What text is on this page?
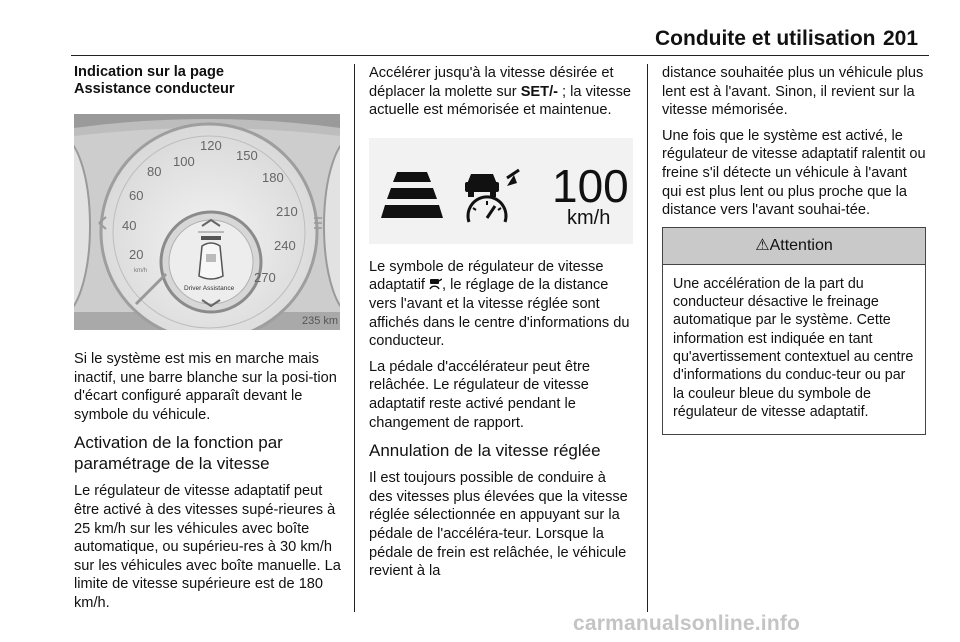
Conduite et utilisation 201
Indication sur la page
Assistance conducteur
100
120
150
80
60
40
20
180
210
240
270
km/h
Driver Assistance
235 km

Si le système est mis en marche mais inactif, une barre blanche sur la posi-tion d'écart configuré apparaît devant le symbole du véhicule.

Activation de la fonction par paramétrage de la vitesse

Le régulateur de vitesse adaptatif peut être activé à des vitesses supé-rieures à 25 km/h sur les véhicules avec boîte automatique, ou supérieu-res à 30 km/h sur les véhicules avec boîte manuelle. La limite de vitesse supérieure est de 180 km/h.

Accélérer jusqu'à la vitesse désirée et déplacer la molette sur SET/- ; la vitesse actuelle est mémorisée et maintenue.

100
km/h

Le symbole de régulateur de vitesse adaptatif , le réglage de la distance vers l'avant et la vitesse réglée sont affichés dans le centre d'informations du conducteur.

La pédale d'accélérateur peut être relâchée. Le régulateur de vitesse adaptatif reste activé pendant le changement de rapport.

Annulation de la vitesse réglée

Il est toujours possible de conduire à des vitesses plus élevées que la vitesse réglée sélectionnée en appuyant sur la pédale de l'accéléra-teur. Lorsque la pédale de frein est relâchée, le véhicule revient à la

distance souhaitée plus un véhicule plus lent est à l'avant. Sinon, il revient sur la vitesse mémorisée.

Une fois que le système est activé, le régulateur de vitesse adaptatif ralentit ou freine s'il détecte un véhicule à l'avant qui est plus lent ou plus proche que la distance vers l'avant souhai-tée.

⚠Attention

Une accélération de la part du conducteur désactive le freinage automatique par le système. Cette information est indiquée en tant qu'avertissement contextuel au centre d'informations du conduc-teur ou par la couleur bleue du symbole de régulateur de vitesse adaptatif.

carmanualsonline.info
